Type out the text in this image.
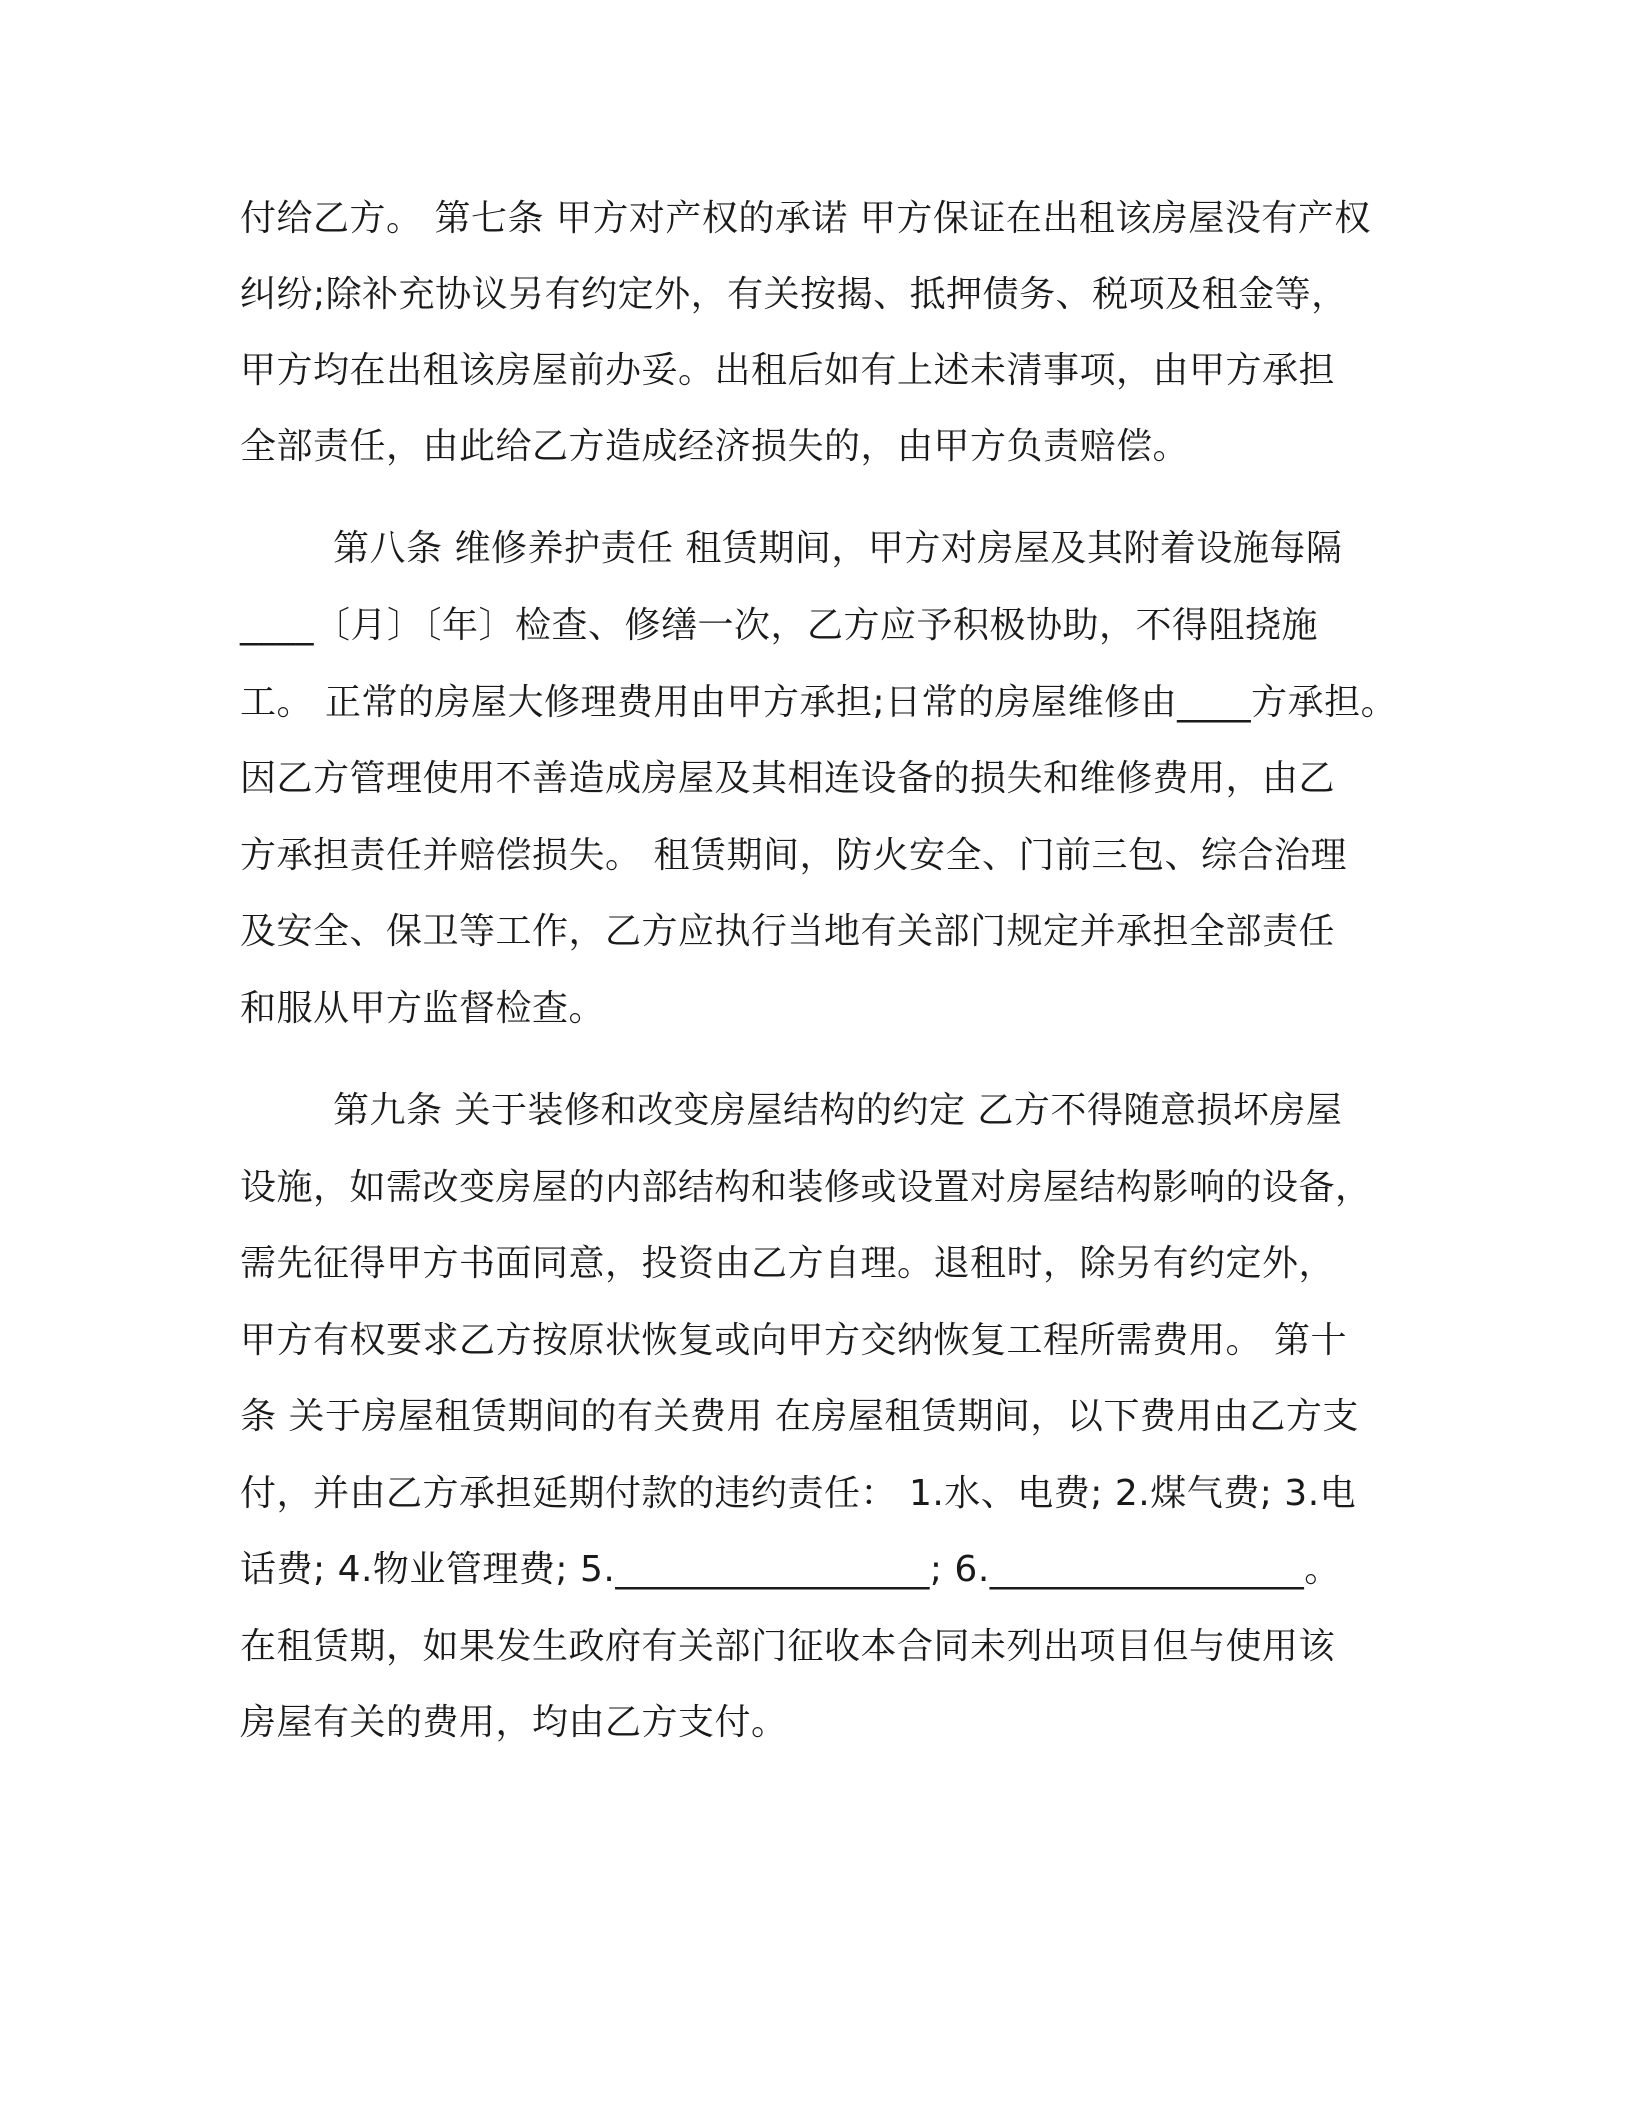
付给乙方。 第七条 甲方对产权的承诺 甲方保证在出租该房屋没有产权

纠纷;除补充协议另有约定外，有关按揭、抵押债务、税项及租金等，

甲方均在出租该房屋前办妥。出租后如有上述未清事项，由甲方承担

全部责任，由此给乙方造成经济损失的，由甲方负责赔偿。

第八条 维修养护责任 租赁期间，甲方对房屋及其附着设施每隔

____〔月〕〔年〕检查、修缮一次，乙方应予积极协助，不得阻挠施

工。 正常的房屋大修理费用由甲方承担;日常的房屋维修由____方承担。

因乙方管理使用不善造成房屋及其相连设备的损失和维修费用，由乙

方承担责任并赔偿损失。 租赁期间，防火安全、门前三包、综合治理

及安全、保卫等工作，乙方应执行当地有关部门规定并承担全部责任

和服从甲方监督检查。

第九条 关于装修和改变房屋结构的约定 乙方不得随意损坏房屋

设施，如需改变房屋的内部结构和装修或设置对房屋结构影响的设备，

需先征得甲方书面同意，投资由乙方自理。退租时，除另有约定外，

甲方有权要求乙方按原状恢复或向甲方交纳恢复工程所需费用。 第十

条 关于房屋租赁期间的有关费用 在房屋租赁期间，以下费用由乙方支

付，并由乙方承担延期付款的违约责任： 1.水、电费; 2.煤气费; 3.电

话费; 4.物业管理费; 5._________________; 6._________________。

在租赁期，如果发生政府有关部门征收本合同未列出项目但与使用该

房屋有关的费用，均由乙方支付。
